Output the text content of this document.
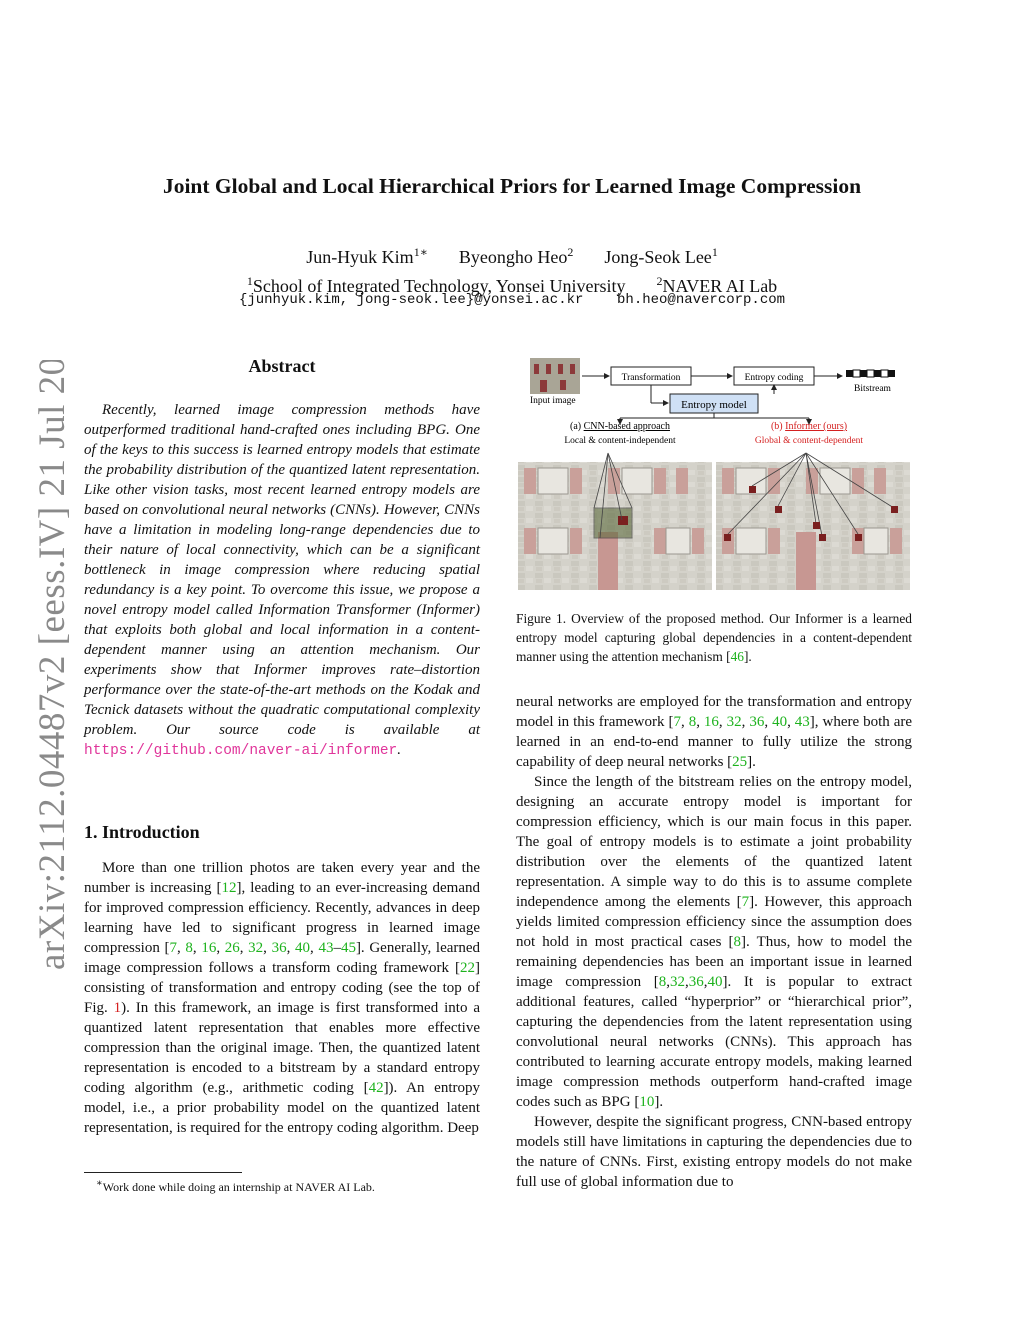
arXiv:2112.04487v2 [eess.IV] 21 Jul 2022
Joint Global and Local Hierarchical Priors for Learned Image Compression
Jun-Hyuk Kim$^{1∗}$ Byeongho Heo$^2$ Jong-Seok Lee$^1$
$^1$School of Integrated Technology, Yonsei University	$^2$NAVER AI Lab
{junhyuk.kim, jong-seok.lee}@yonsei.ac.kr    bh.heo@navercorp.com
Abstract

Recently, learned image compression methods have outperformed traditional hand-crafted ones including BPG. One of the keys to this success is learned entropy models that estimate the probability distribution of the quantized latent representation. Like other vision tasks, most recent learned entropy models are based on convolutional neural networks (CNNs). However, CNNs have a limitation in modeling long-range dependencies due to their nature of local connectivity, which can be a significant bottleneck in image compression where reducing spatial redundancy is a key point. To overcome this issue, we propose a novel entropy model called Information Transformer (Informer) that exploits both global and local information in a content-dependent manner using an attention mechanism. Our experiments show that Informer improves rate–distortion performance over the state-of-the-art methods on the Kodak and Tecnick datasets without the quadratic computational complexity problem. Our source code is available at https://github.com/naver-ai/informer.

1. Introduction

More than one trillion photos are taken every year and the number is increasing [12], leading to an ever-increasing demand for improved compression efficiency. Recently, advances in deep learning have led to significant progress in learned image compression [7, 8, 16, 26, 32, 36, 40, 43–45]. Generally, learned image compression follows a transform coding framework [22] consisting of transformation and entropy coding (see the top of Fig. 1). In this framework, an image is first transformed into a quantized latent representation that enables more effective compression than the original image. Then, the quantized latent representation is encoded to a bitstream by a standard entropy coding algorithm (e.g., arithmetic coding [42]). An entropy model, i.e., a prior probability model on the quantized latent representation, is required for the entropy coding algorithm. Deep

∗Work done while doing an internship at NAVER AI Lab.
Input image
Transformation	Entropy coding
Bitstream
Entropy model
(a) CNN-based approach
Local & content-independent
(b) Informer (ours)
Global & content-dependent

Figure 1. Overview of the proposed method. Our Informer is a learned entropy model capturing global dependencies in a content-dependent manner using the attention mechanism [46].

neural networks are employed for the transformation and entropy model in this framework [7, 8, 16, 32, 36, 40, 43], where both are learned in an end-to-end manner to fully utilize the strong capability of deep neural networks [25].

Since the length of the bitstream relies on the entropy model, designing an accurate entropy model is important for compression efficiency, which is our main focus in this paper. The goal of entropy models is to estimate a joint probability distribution over the elements of the quantized latent representation. A simple way to do this is to assume complete independence among the elements [7]. However, this approach yields limited compression efficiency since the assumption does not hold in most practical cases [8]. Thus, how to model the remaining dependencies has been an important issue in learned image compression [8,32,36,40]. It is popular to extract additional features, called “hyperprior” or “hierarchical prior”, capturing the dependencies from the latent representation using convolutional neural networks (CNNs). This approach has contributed to learning accurate entropy models, making learned image compression methods outperform hand-crafted image codes such as BPG [10].

However, despite the significant progress, CNN-based entropy models still have limitations in capturing the dependencies due to the nature of CNNs. First, existing entropy models do not make full use of global information due to
